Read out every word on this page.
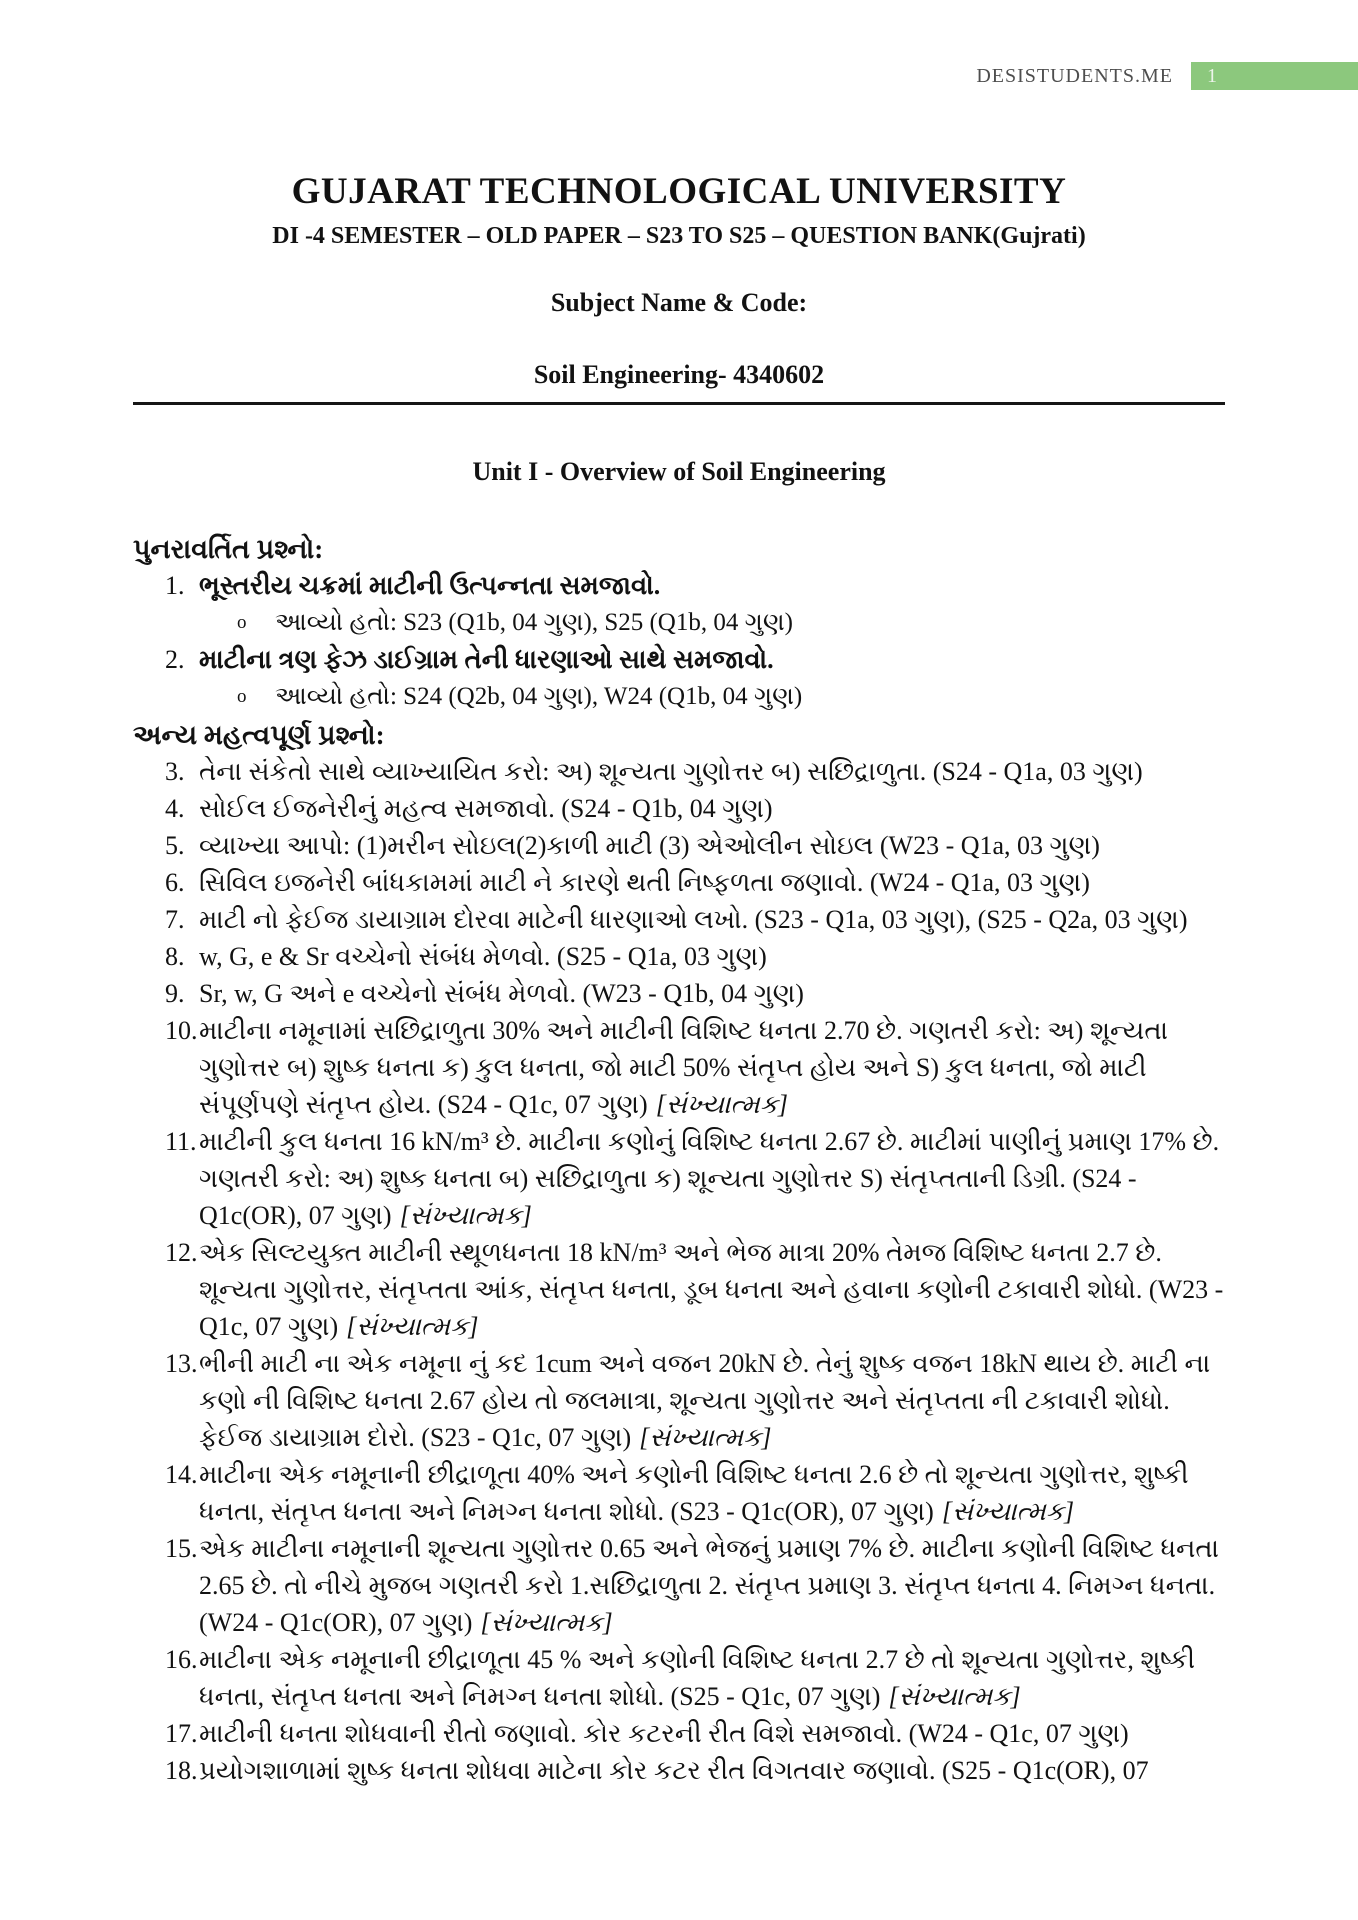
DESISTUDENTS.ME	1
GUJARAT TECHNOLOGICAL UNIVERSITY
DI -4 SEMESTER – OLD PAPER – S23 TO S25 – QUESTION BANK(Gujrati)
Subject Name & Code:
Soil Engineering- 4340602
Unit I - Overview of Soil Engineering
પુનરાવર્તિત પ્રશ્નો:
1. ભૂસ્તરીય ચક્રમાં માટીની ઉત્પન્નતા સમજાવો.
o	આવ્યો હતો: S23 (Q1b, 04 ગુણ), S25 (Q1b, 04 ગુણ)
2. માટીના ત્રણ ફેઝ ડાઈગ્રામ તેની ધારણાઓ સાથે સમજાવો.
o	આવ્યો હતો: S24 (Q2b, 04 ગુણ), W24 (Q1b, 04 ગુણ)
અન્ય મહત્વપૂર્ણ પ્રશ્નો:
3. તેના સંકેતો સાથે વ્યાખ્યાયિત કરો: અ) શૂન્યતા ગુણોત્તર બ) સછિદ્રાળુતા. (S24 - Q1a, 03 ગુણ)
4. સોઈલ ઈજનેરીનું મહત્વ સમજાવો. (S24 - Q1b, 04 ગુણ)
5. વ્યાખ્યા આપો: (1)મરીન સોઇલ(2)કાળી માટી (3) એઓલીન સોઇલ (W23 - Q1a, 03 ગુણ)
6. સિવિલ ઇજનેરી બાંધકામમાં માટી ને કારણે થતી નિષ્ફળતા જણાવો. (W24 - Q1a, 03 ગુણ)
7. માટી નો ફેઈજ ડાયાગ્રામ દોરવા માટેની ધારણાઓ લખો. (S23 - Q1a, 03 ગુણ), (S25 - Q2a, 03 ગુણ)
8. w, G, e & Sr વચ્ચેનો સંબંધ મેળવો. (S25 - Q1a, 03 ગુણ)
9. Sr, w, G અને e વચ્ચેનો સંબંધ મેળવો. (W23 - Q1b, 04 ગુણ)
10. માટીના નમૂનામાં સછિદ્રાળુતા 30% અને માટીની વિશિષ્ટ ધનતા 2.70 છે. ગણતરી કરો: અ) શૂન્યતા ગુણોત્તર બ) શુષ્ક ધનતા ક) કુલ ધનતા, જો માટી 50% સંતૃપ્ત હોય અને S) કુલ ધનતા, જો માટી સંપૂર્ણપણે સંતૃપ્ત હોય. (S24 - Q1c, 07 ગુણ) [સંખ્યાત્મક]
11. માટીની કુલ ધનતા 16 kN/m³ છે. માટીના કણોનું વિશિષ્ટ ધનતા 2.67 છે. માટીમાં પાણીનું પ્રમાણ 17% છે. ગણતરી કરો: અ) શુષ્ક ધનતા બ) સછિદ્રાળુતા ક) શૂન્યતા ગુણોત્તર S) સંતૃપ્તતાની ડિગ્રી. (S24 - Q1c(OR), 07 ગુણ) [સંખ્યાત્મક]
12. એક સિલ્ટયુક્ત માટીની સ્થૂળધનતા 18 kN/m³ અને ભેજ માત્રા 20% તેમજ વિશિષ્ટ ધનતા 2.7 છે. શૂન્યતા ગુણોત્તર, સંતૃપ્તતા આંક, સંતૃપ્ત ધનતા, ડૂબ ધનતા અને હવાના કણોની ટકાવારી શોધો. (W23 - Q1c, 07 ગુણ) [સંખ્યાત્મક]
13. ભીની માટી ના એક નમૂના નું કદ 1cum અને વજન 20kN છે. તેનું શુષ્ક વજન 18kN થાય છે. માટી ના કણો ની વિશિષ્ટ ધનતા 2.67 હોય તો જલમાત્રા, શૂન્યતા ગુણોત્તર અને સંતૃપ્તતા ની ટકાવારી શોધો. ફેઈજ ડાયાગ્રામ દોરો. (S23 - Q1c, 07 ગુણ) [સંખ્યાત્મક]
14. માટીના એક નમૂનાની છીદ્રાળૂતા 40% અને કણોની વિશિષ્ટ ધનતા 2.6 છે તો શૂન્યતા ગુણોત્તર, શુષ્કી ધનતા, સંતૃપ્ત ધનતા અને નિમગ્ન ધનતા શોધો. (S23 - Q1c(OR), 07 ગુણ) [સંખ્યાત્મક]
15. એક માટીના નમૂનાની શૂન્યતા ગુણોત્તર 0.65 અને ભેજનું પ્રમાણ 7% છે. માટીના કણોની વિશિષ્ટ ધનતા 2.65 છે. તો નીચે મુજબ ગણતરી કરો 1.સછિદ્રાળુતા 2. સંતૃપ્ત પ્રમાણ 3. સંતૃપ્ત ધનતા 4. નિમગ્ન ધનતા. (W24 - Q1c(OR), 07 ગુણ) [સંખ્યાત્મક]
16. માટીના એક નમૂનાની છીદ્રાળૂતા 45 % અને કણોની વિશિષ્ટ ધનતા 2.7 છે તો શૂન્યતા ગુણોત્તર, શુષ્કી ધનતા, સંતૃપ્ત ધનતા અને નિમગ્ન ધનતા શોધો. (S25 - Q1c, 07 ગુણ) [સંખ્યાત્મક]
17. માટીની ધનતા શોધવાની રીતો જણાવો. કોર કટરની રીત વિશે સમજાવો. (W24 - Q1c, 07 ગુણ)
18. પ્રયોગશાળામાં શુષ્ક ધનતા શોધવા માટેના કોર કટર રીત વિગતવાર જણાવો. (S25 - Q1c(OR), 07
